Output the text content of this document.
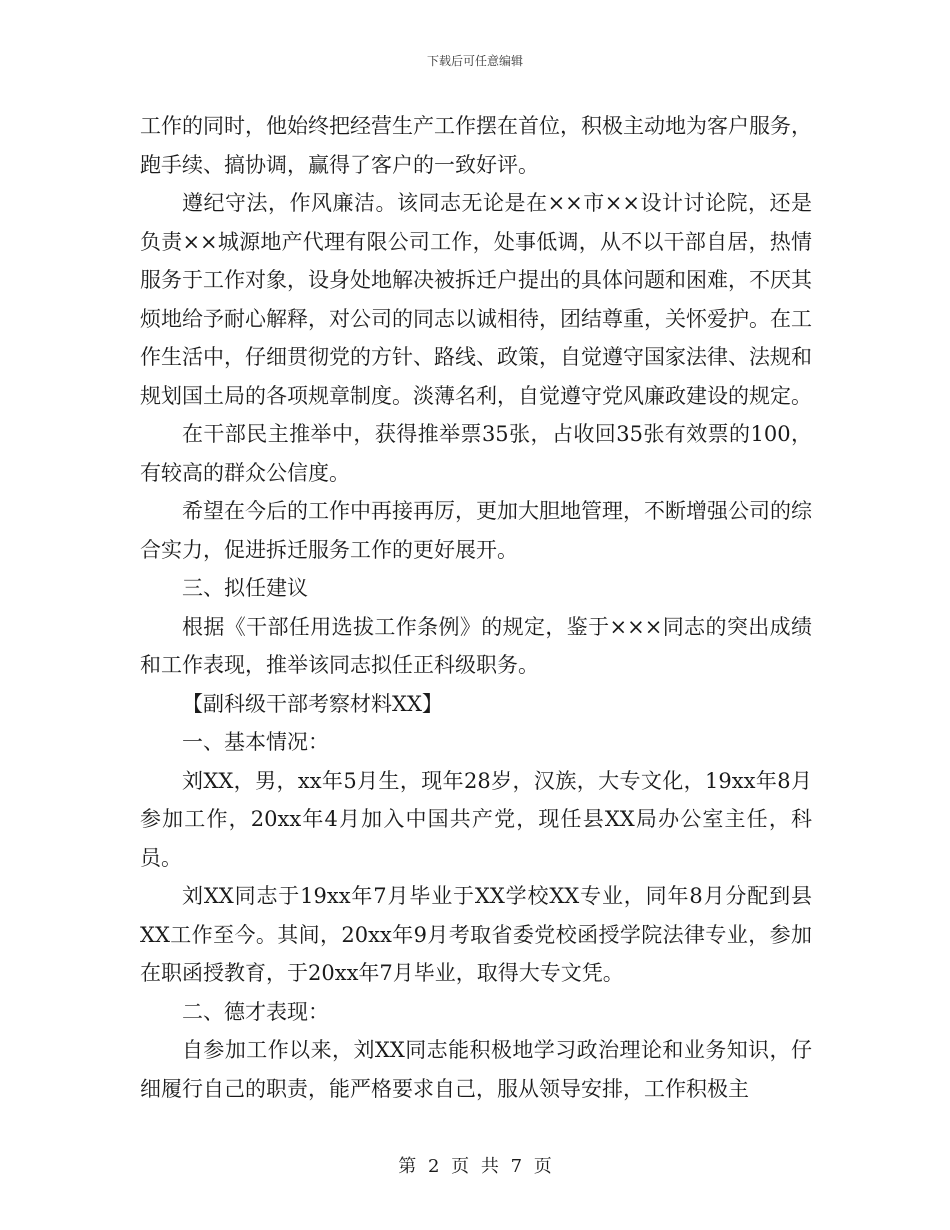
下载后可任意编辑

工作的同时，他始终把经营生产工作摆在首位，积极主动地为客户服务，跑手续、搞协调，赢得了客户的一致好评。

遵纪守法，作风廉洁。该同志无论是在××市××设计讨论院，还是负责××城源地产代理有限公司工作，处事低调，从不以干部自居，热情服务于工作对象，设身处地解决被拆迁户提出的具体问题和困难，不厌其烦地给予耐心解释，对公司的同志以诚相待，团结尊重，关怀爱护。在工作生活中，仔细贯彻党的方针、路线、政策，自觉遵守国家法律、法规和规划国土局的各项规章制度。淡薄名利，自觉遵守党风廉政建设的规定。

在干部民主推举中，获得推举票35张，占收回35张有效票的100，有较高的群众公信度。

希望在今后的工作中再接再厉，更加大胆地管理，不断增强公司的综合实力，促进拆迁服务工作的更好展开。

三、拟任建议

根据《干部任用选拔工作条例》的规定，鉴于×××同志的突出成绩和工作表现，推举该同志拟任正科级职务。

【副科级干部考察材料XX】

一、基本情况：

刘XX，男，xx年5月生，现年28岁，汉族，大专文化，19xx年8月参加工作，20xx年4月加入中国共产党，现任县XX局办公室主任，科员。

刘XX同志于19xx年7月毕业于XX学校XX专业，同年8月分配到县XX工作至今。其间，20xx年9月考取省委党校函授学院法律专业，参加在职函授教育，于20xx年7月毕业，取得大专文凭。

二、德才表现：

自参加工作以来，刘XX同志能积极地学习政治理论和业务知识，仔细履行自己的职责，能严格要求自己，服从领导安排，工作积极主

第 2 页 共 7 页
